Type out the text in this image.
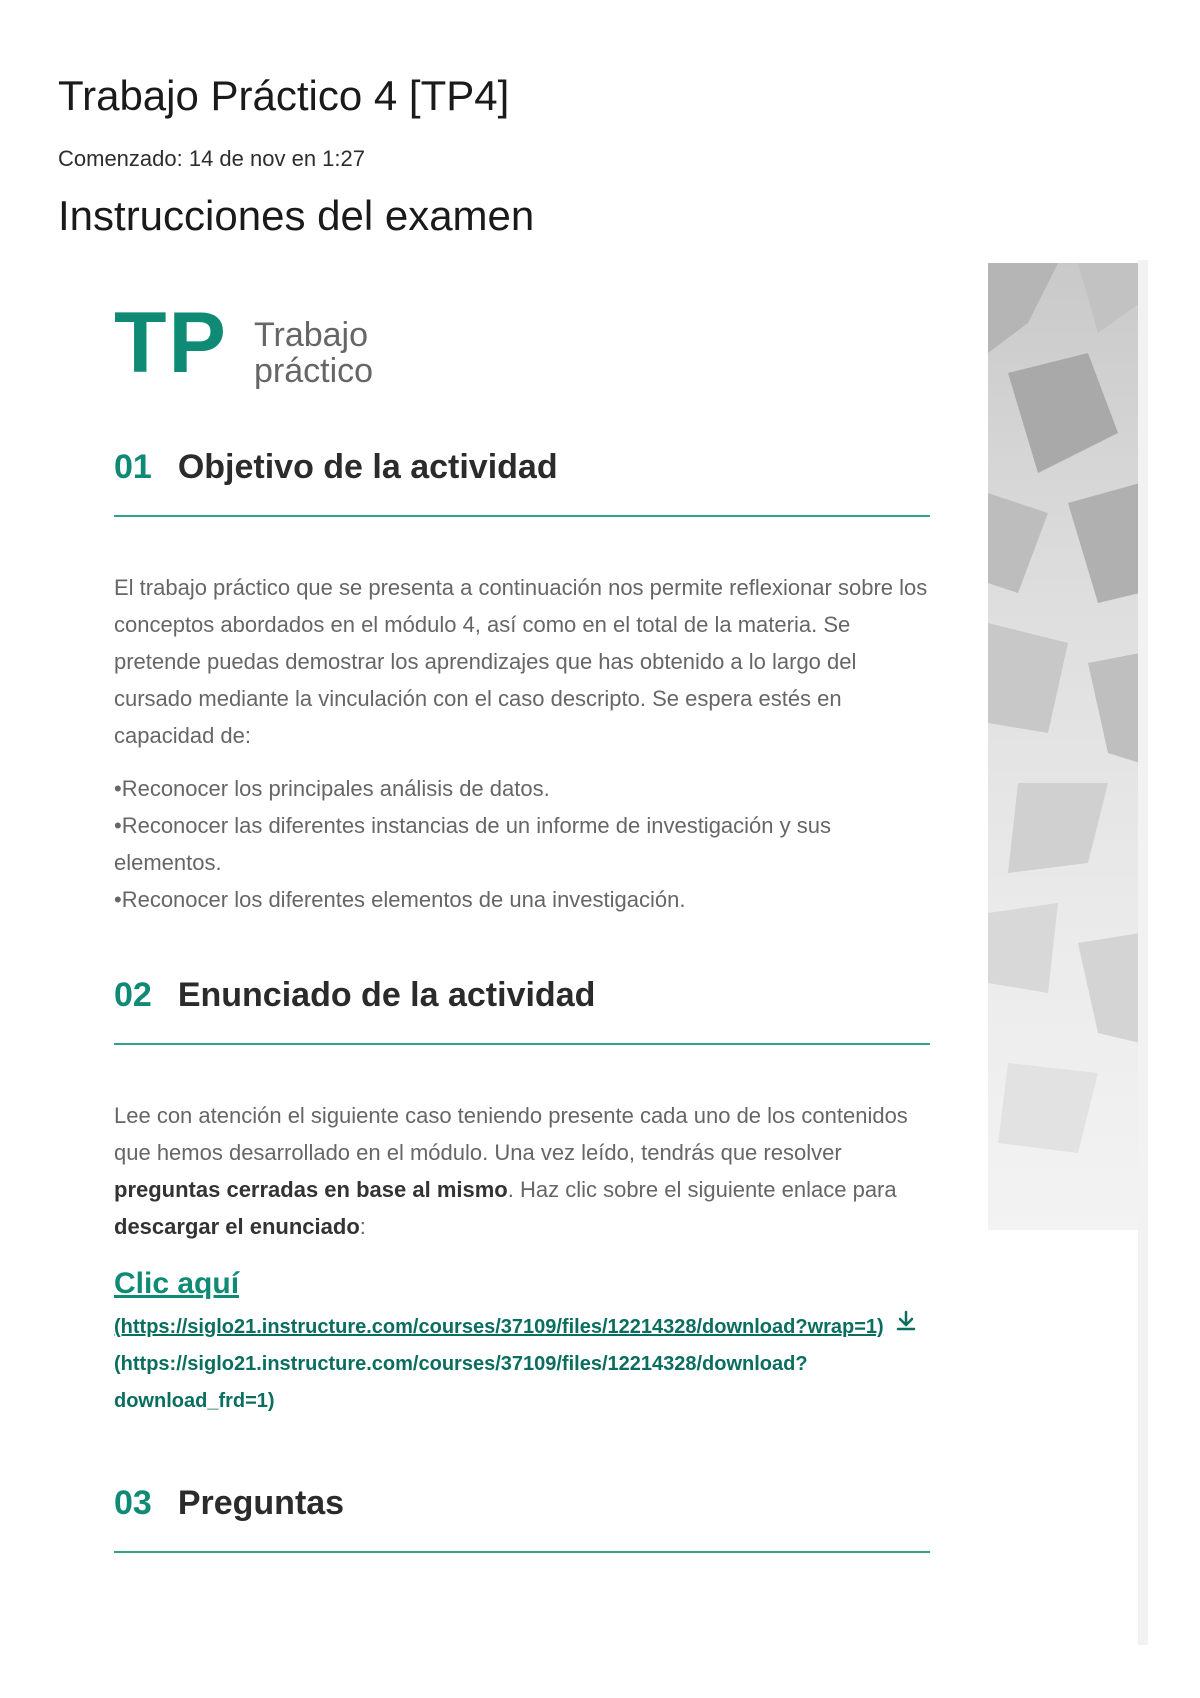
Trabajo Práctico 4 [TP4]
Comenzado: 14 de nov en 1:27
Instrucciones del examen
TP Trabajo
práctico
01 Objetivo de la actividad

El trabajo práctico que se presenta a continuación nos permite reflexionar sobre los conceptos abordados en el módulo 4, así como en el total de la materia. Se pretende puedas demostrar los aprendizajes que has obtenido a lo largo del cursado mediante la vinculación con el caso descripto. Se espera estés en capacidad de:

•Reconocer los principales análisis de datos.
•Reconocer las diferentes instancias de un informe de investigación y sus elementos.
•Reconocer los diferentes elementos de una investigación.
02 Enunciado de la actividad

Lee con atención el siguiente caso teniendo presente cada uno de los contenidos que hemos desarrollado en el módulo. Una vez leído, tendrás que resolver preguntas cerradas en base al mismo. Haz clic sobre el siguiente enlace para descargar el enunciado:

Clic aquí
(https://siglo21.instructure.com/courses/37109/files/12214328/download?wrap=1)
(https://siglo21.instructure.com/courses/37109/files/12214328/download?download_frd=1)
03 Preguntas
